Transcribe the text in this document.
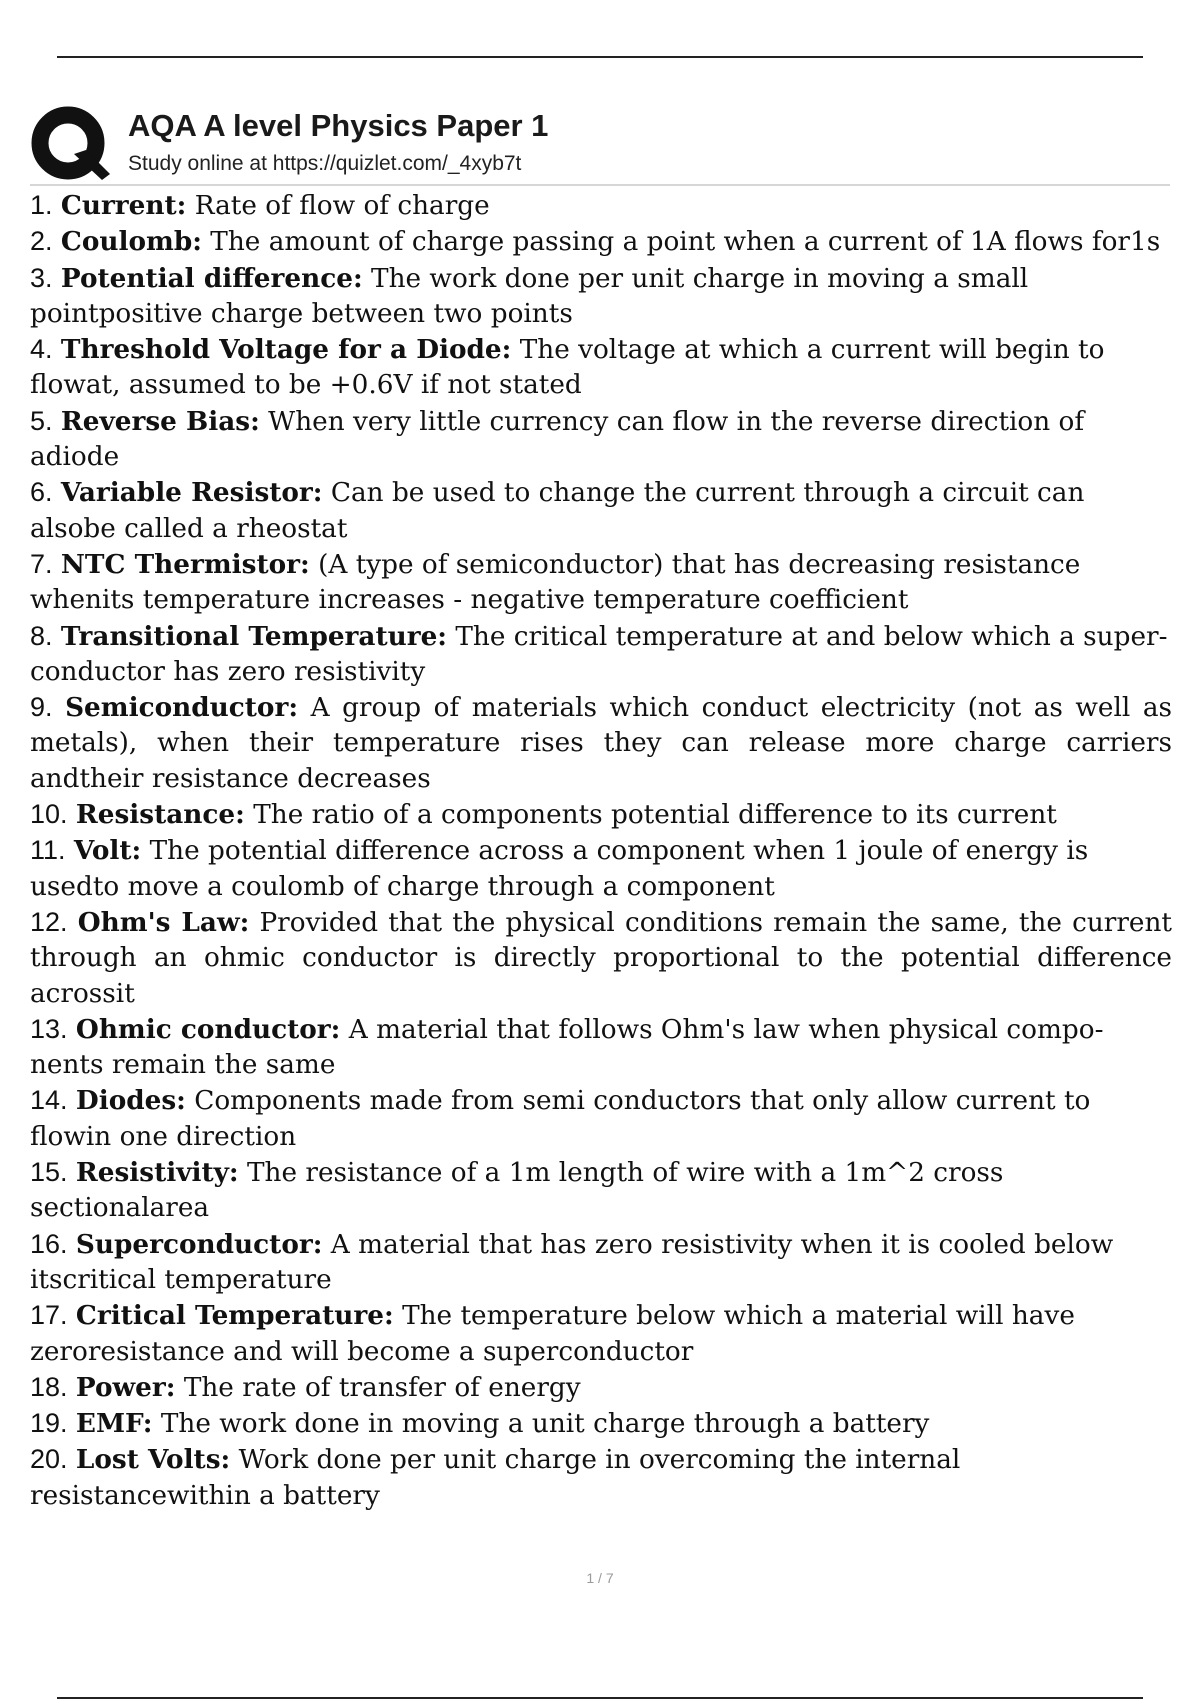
AQA A level Physics Paper 1
Study online at https://quizlet.com/_4xyb7t
1. Current: Rate of flow of charge
2. Coulomb: The amount of charge passing a point when a current of 1A flows for1s
3. Potential difference: The work done per unit charge in moving a small pointpositive charge between two points
4. Threshold Voltage for a Diode: The voltage at which a current will begin to flowat, assumed to be +0.6V if not stated
5. Reverse Bias: When very little currency can flow in the reverse direction of adiode
6. Variable Resistor: Can be used to change the current through a circuit can alsobe called a rheostat
7. NTC Thermistor: (A type of semiconductor) that has decreasing resistance whenits temperature increases - negative temperature coefficient
8. Transitional Temperature: The critical temperature at and below which a super-conductor has zero resistivity
9. Semiconductor: A group of materials which conduct electricity (not as well as metals), when their temperature rises they can release more charge carriers andtheir resistance decreases
10. Resistance: The ratio of a components potential difference to its current
11. Volt: The potential difference across a component when 1 joule of energy is usedto move a coulomb of charge through a component
12. Ohm's Law: Provided that the physical conditions remain the same, the current through an ohmic conductor is directly proportional to the potential difference acrossit
13. Ohmic conductor: A material that follows Ohm's law when physical compo-nents remain the same
14. Diodes: Components made from semi conductors that only allow current to flowin one direction
15. Resistivity: The resistance of a 1m length of wire with a 1m^2 cross sectionalarea
16. Superconductor: A material that has zero resistivity when it is cooled below itscritical temperature
17. Critical Temperature: The temperature below which a material will have zeroresistance and will become a superconductor
18. Power: The rate of transfer of energy
19. EMF: The work done in moving a unit charge through a battery
20. Lost Volts: Work done per unit charge in overcoming the internal resistancewithin a battery
1 / 7
